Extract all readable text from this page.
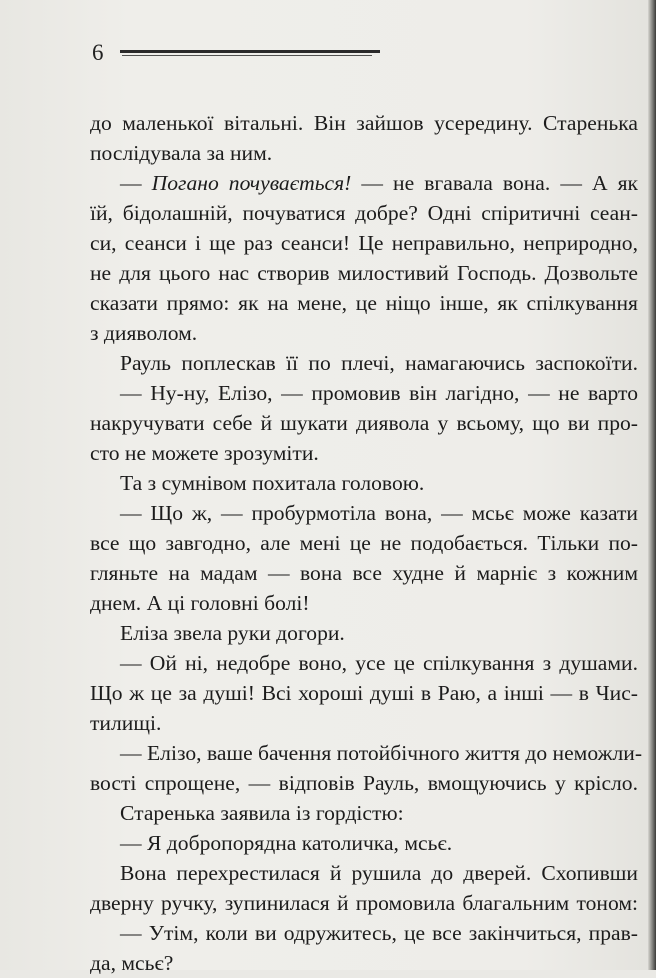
6
до маленької вітальні. Він зайшов усередину. Старенька
послідувала за ним.
— Погано почувається! — не вгавала вона. — А як
їй, бідолашній, почуватися добре? Одні спіритичні сеан-
си, сеанси і ще раз сеанси! Це неправильно, неприродно,
не для цього нас створив милостивий Господь. Дозвольте
сказати прямо: як на мене, це ніщо інше, як спілкування
з дияволом.
Рауль поплескав її по плечі, намагаючись заспокоїти.
— Ну-ну, Елізо, — промовив він лагідно, — не варто
накручувати себе й шукати диявола у всьому, що ви про-
сто не можете зрозуміти.
Та з сумнівом похитала головою.
— Що ж, — пробурмотіла вона, — мсьє може казати
все що завгодно, але мені це не подобається. Тільки по-
гляньте на мадам — вона все худне й марніє з кожним
днем. А ці головні болі!
Еліза звела руки догори.
— Ой ні, недобре воно, усе це спілкування з душами.
Що ж це за душі! Всі хороші душі в Раю, а інші — в Чис-
тилищі.
— Елізо, ваше бачення потойбічного життя до неможли-
вості спрощене, — відповів Рауль, вмощуючись у крісло.
Старенька заявила із гордістю:
— Я добропорядна католичка, мсьє.
Вона перехрестилася й рушила до дверей. Схопивши
дверну ручку, зупинилася й промовила благальним тоном:
— Утім, коли ви одружитесь, це все закінчиться, прав-
да, мсьє?
